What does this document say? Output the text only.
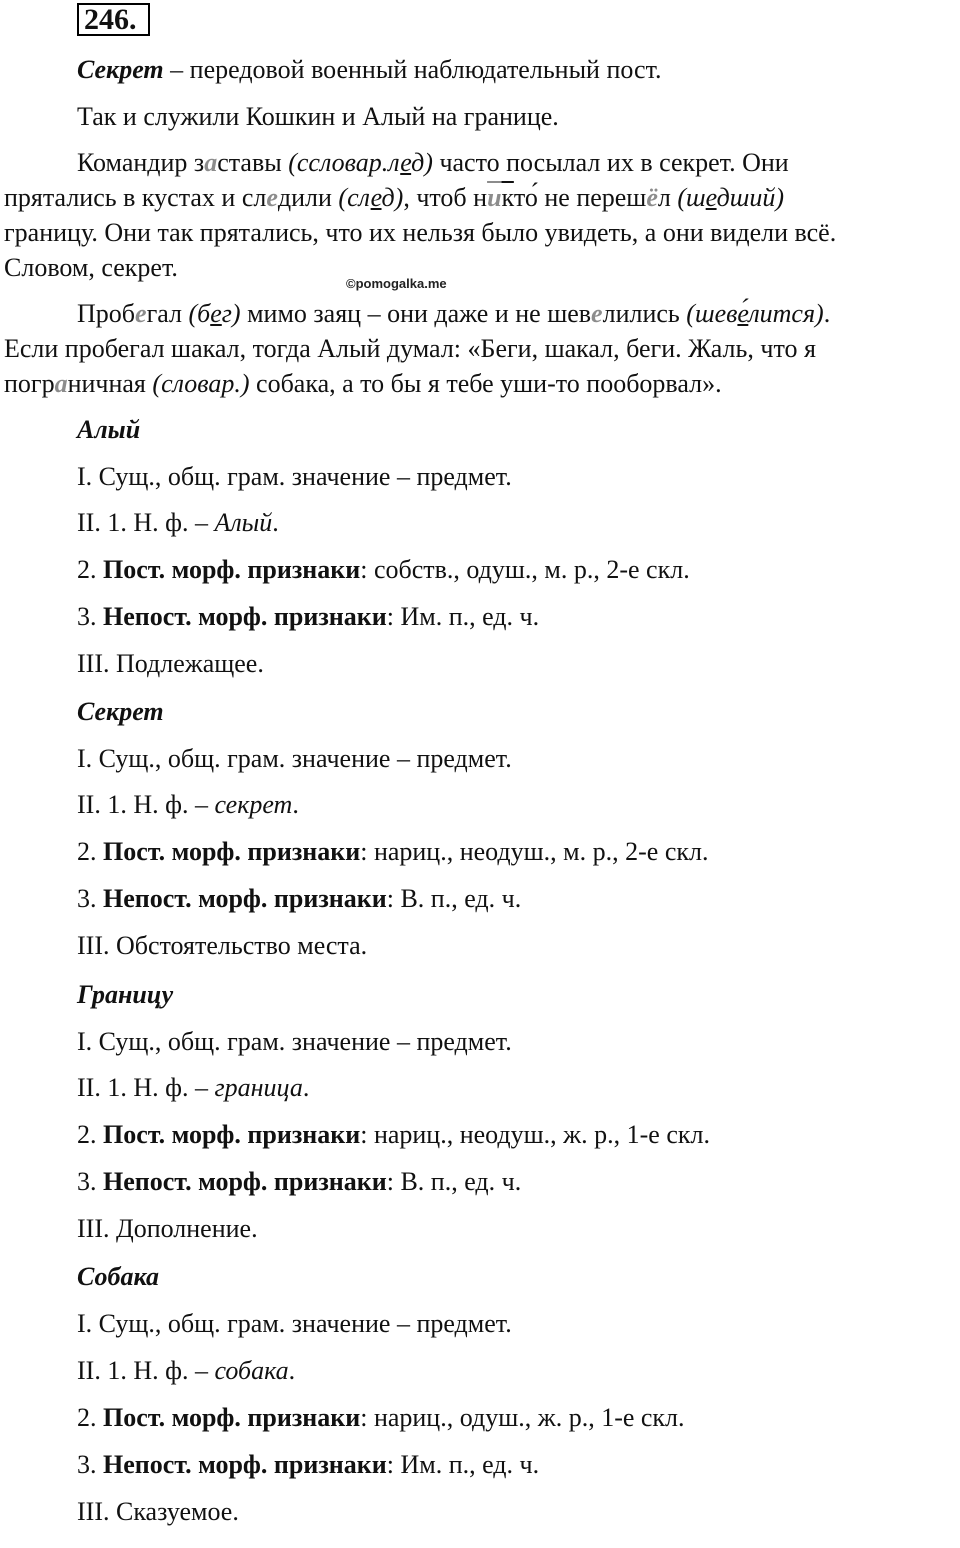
246.
Секрет – передовой военный наблюдательный пост.
Так и служили Кошкин и Алый на границе.
Командир заставы (ссловар.лед) часто посылал их в секрет. Они
прятались в кустах и следили (след), чтоб никто́ не перешёл (шедший)
границу. Они так прятались, что их нельзя было увидеть, а они видели всё.
Словом, секрет.
©pomogalka.me
Пробегал (бег) мимо заяц – они даже и не шевелились (шеве́лится).
Если пробегал шакал, тогда Алый думал: «Беги, шакал, беги. Жаль, что я
пограничная (словар.) собака, а то бы я тебе уши-то пооборвал».
Алый
I. Сущ., общ. грам. значение – предмет.
II. 1. Н. ф. – Алый.
2. Пост. морф. признаки: собств., одуш., м. р., 2-е скл.
3. Непост. морф. признаки: Им. п., ед. ч.
III. Подлежащее.
Секрет
I. Сущ., общ. грам. значение – предмет.
II. 1. Н. ф. – секрет.
2. Пост. морф. признаки: нариц., неодуш., м. р., 2-е скл.
3. Непост. морф. признаки: В. п., ед. ч.
III. Обстоятельство места.
Границу
I. Сущ., общ. грам. значение – предмет.
II. 1. Н. ф. – граница.
2. Пост. морф. признаки: нариц., неодуш., ж. р., 1-е скл.
3. Непост. морф. признаки: В. п., ед. ч.
III. Дополнение.
Собака
I. Сущ., общ. грам. значение – предмет.
II. 1. Н. ф. – собака.
2. Пост. морф. признаки: нариц., одуш., ж. р., 1-е скл.
3. Непост. морф. признаки: Им. п., ед. ч.
III. Сказуемое.
